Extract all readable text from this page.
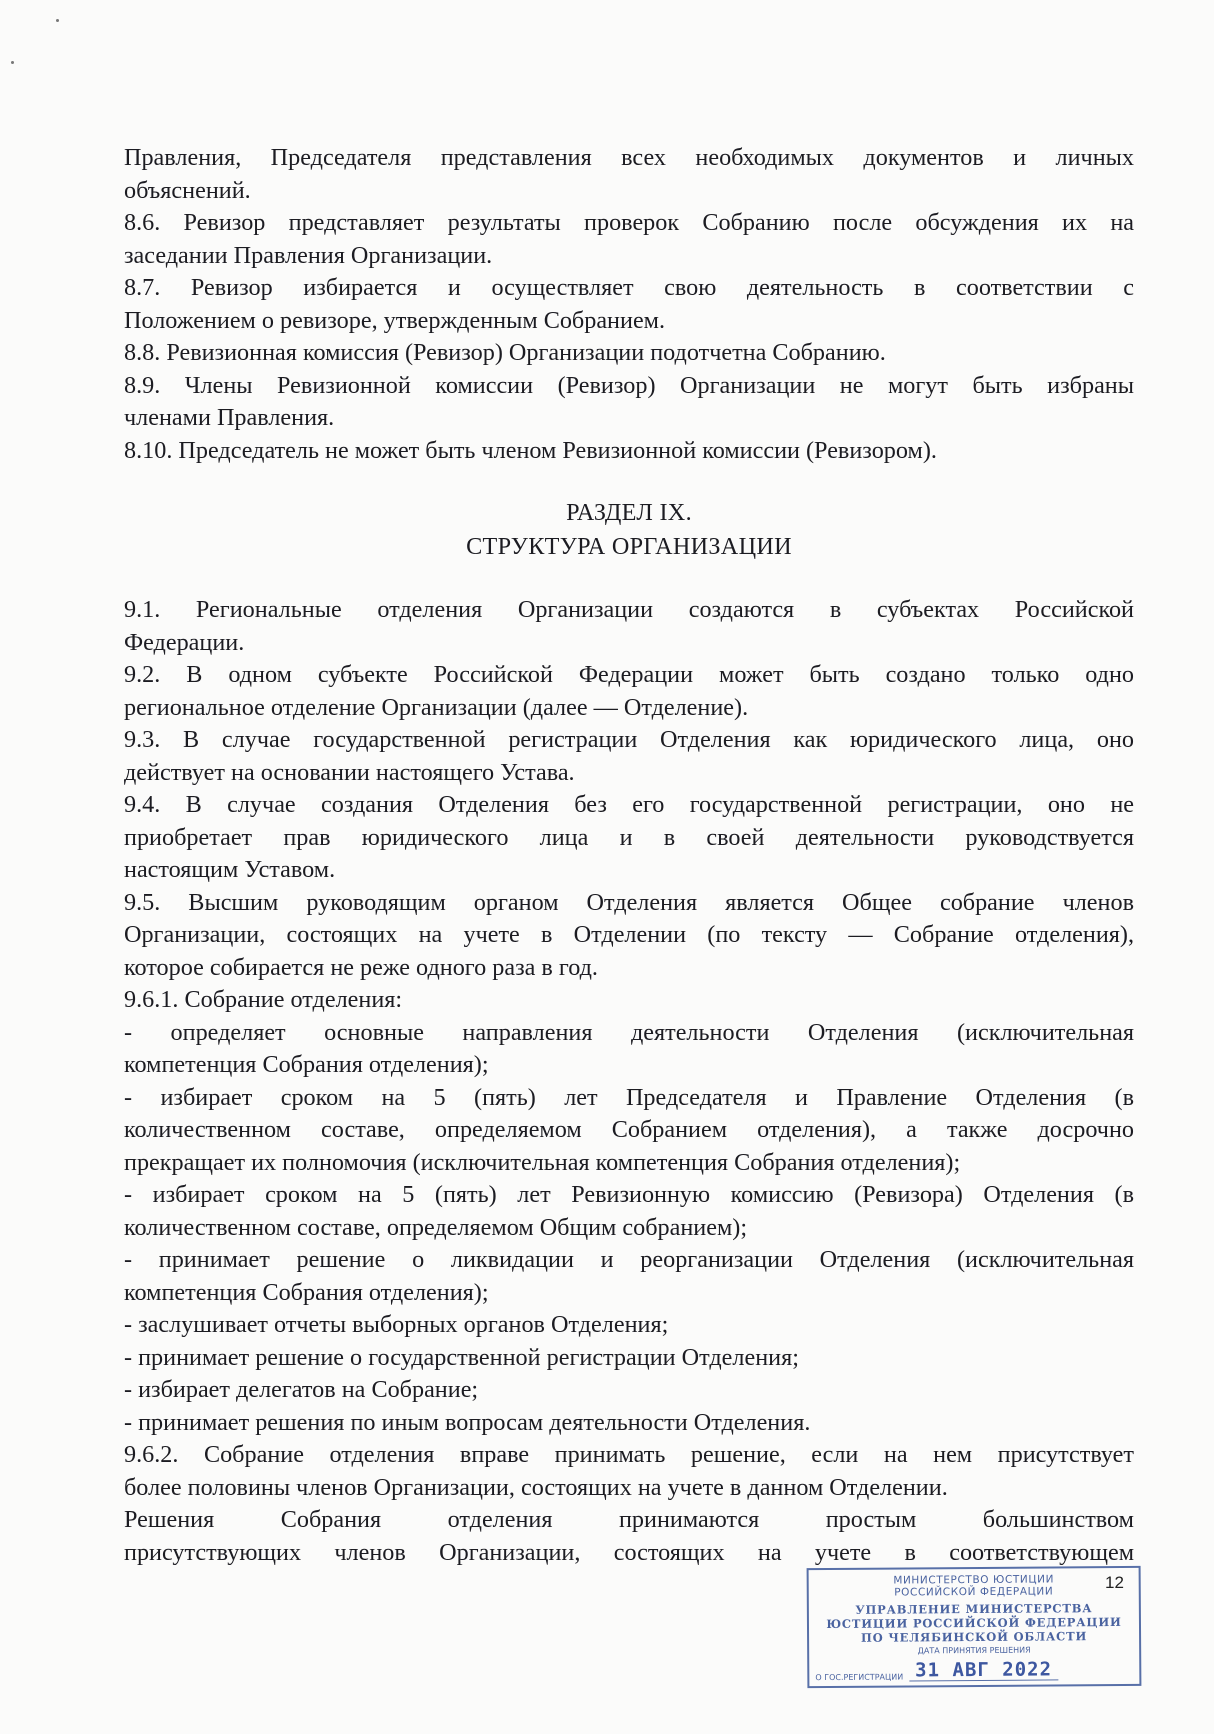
Правления, Председателя представления всех необходимых документов и личных

объяснений.

8.6. Ревизор представляет результаты проверок Собранию после обсуждения их на

заседании Правления Организации.

8.7. Ревизор избирается и осуществляет свою деятельность в соответствии с

Положением о ревизоре, утвержденным Собранием.

8.8. Ревизионная комиссия (Ревизор) Организации подотчетна Собранию.

8.9. Члены Ревизионной комиссии (Ревизор) Организации не могут быть избраны

членами Правления.

8.10. Председатель не может быть членом Ревизионной комиссии (Ревизором).

РАЗДЕЛ IX.
СТРУКТУРА ОРГАНИЗАЦИИ

9.1. Региональные отделения Организации создаются в субъектах Российской

Федерации.

9.2. В одном субъекте Российской Федерации может быть создано только одно

региональное отделение Организации (далее — Отделение).

9.3. В случае государственной регистрации Отделения как юридического лица, оно

действует на основании настоящего Устава.

9.4. В случае создания Отделения без его государственной регистрации, оно не

приобретает прав юридического лица и в своей деятельности руководствуется

настоящим Уставом.

9.5. Высшим руководящим органом Отделения является Общее собрание членов

Организации, состоящих на учете в Отделении (по тексту — Собрание отделения),

которое собирается не реже одного раза в год.

9.6.1. Собрание отделения:

- определяет основные направления деятельности Отделения (исключительная

компетенция Собрания отделения);

- избирает сроком на 5 (пять) лет Председателя и Правление Отделения (в

количественном составе, определяемом Собранием отделения), а также досрочно

прекращает их полномочия (исключительная компетенция Собрания отделения);

- избирает сроком на 5 (пять) лет Ревизионную комиссию (Ревизора) Отделения (в

количественном составе, определяемом Общим собранием);

- принимает решение о ликвидации и реорганизации Отделения (исключительная

компетенция Собрания отделения);

- заслушивает отчеты выборных органов Отделения;

- принимает решение о государственной регистрации Отделения;

- избирает делегатов на Собрание;

- принимает решения по иным вопросам деятельности Отделения.

9.6.2. Собрание отделения вправе принимать решение, если на нем присутствует

более половины членов Организации, состоящих на учете в данном Отделении.

Решения Собрания отделения принимаются простым большинством

присутствующих членов Организации, состоящих на учете в соответствующем

МИНИСТЕРСТВО ЮСТИЦИИ
РОССИЙСКОЙ ФЕДЕРАЦИИ
УПРАВЛЕНИЕ МИНИСТЕРСТВА
ЮСТИЦИИ РОССИЙСКОЙ ФЕДЕРАЦИИ
ПО ЧЕЛЯБИНСКОЙ ОБЛАСТИ
ДАТА ПРИНЯТИЯ РЕШЕНИЯ
О ГОС.РЕГИСТРАЦИИ 31 АВГ 2022
12
